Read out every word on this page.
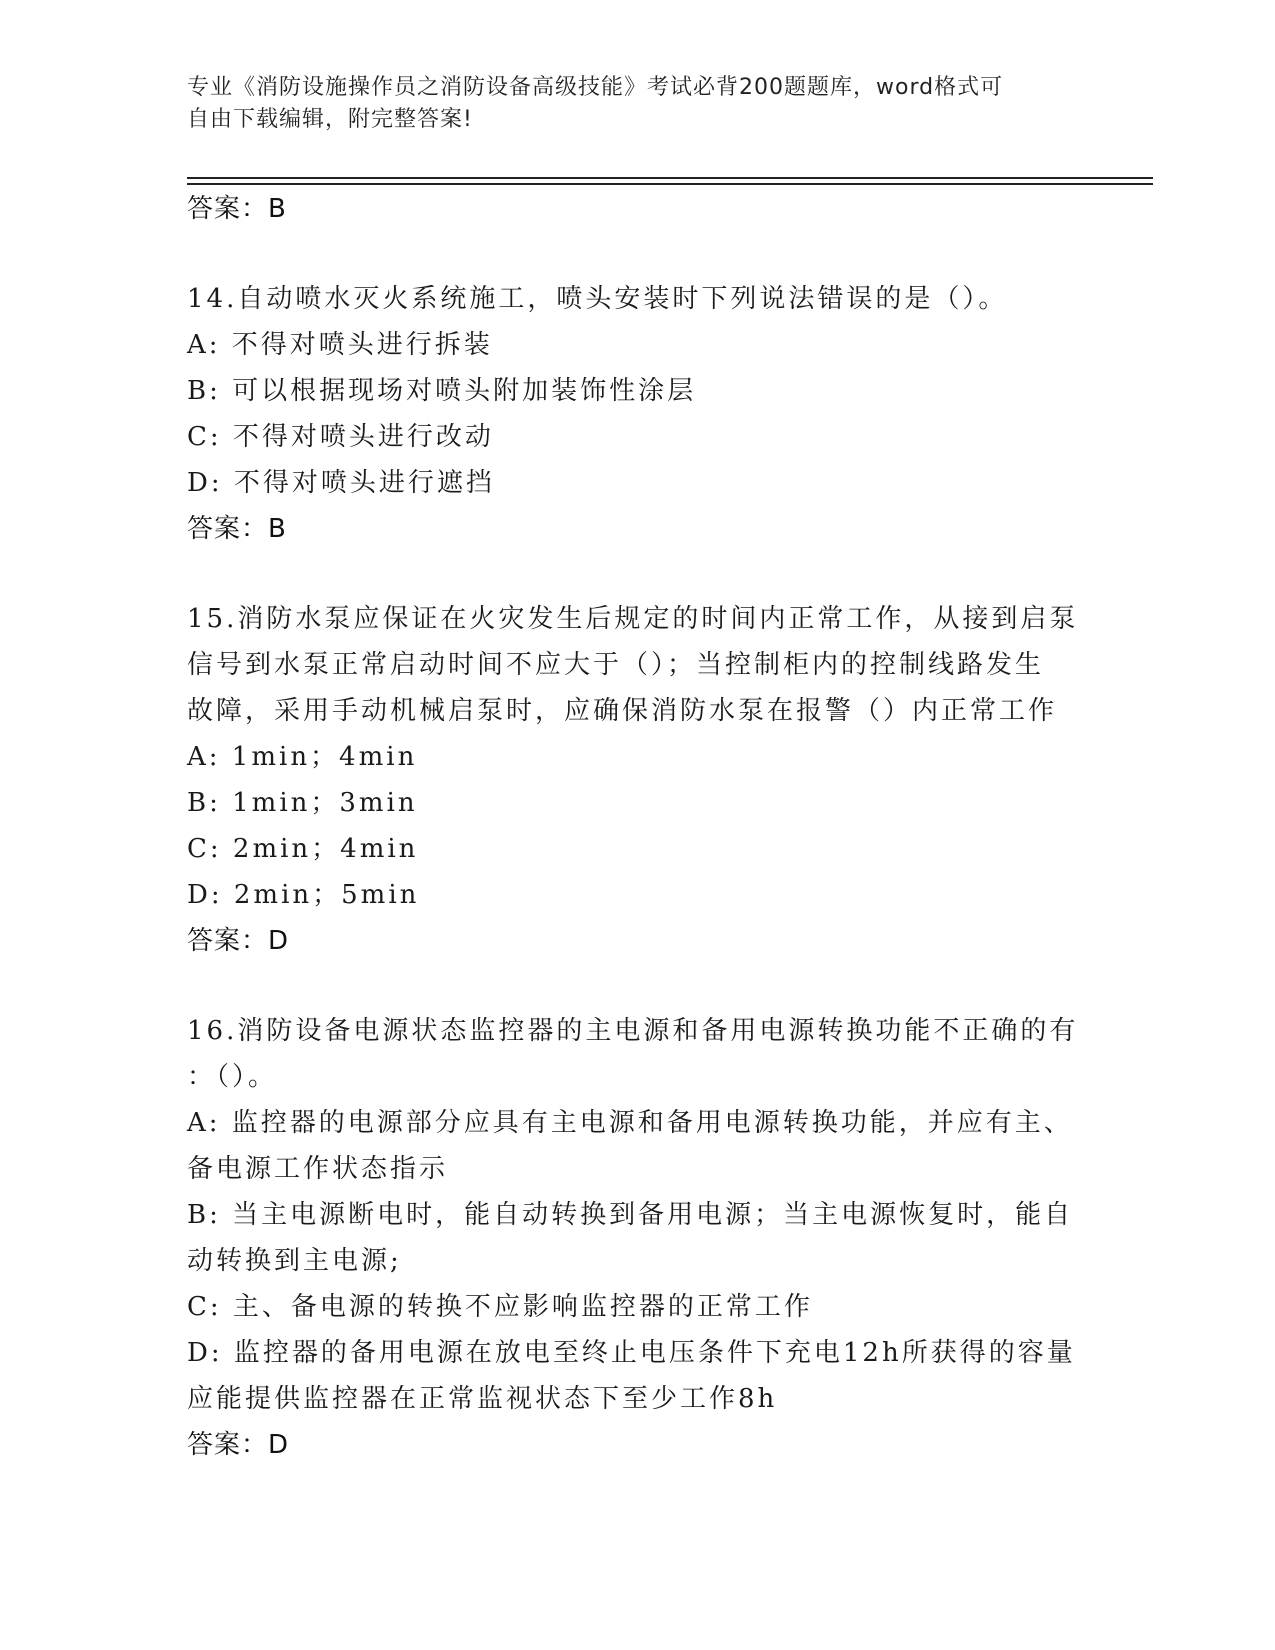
专业《消防设施操作员之消防设备高级技能》考试必背200题题库，word格式可
自由下载编辑，附完整答案!
答案：B
14.自动喷水灭火系统施工，喷头安装时下列说法错误的是（）。
A: 不得对喷头进行拆装
B: 可以根据现场对喷头附加装饰性涂层
C: 不得对喷头进行改动
D: 不得对喷头进行遮挡
答案：B
15.消防水泵应保证在火灾发生后规定的时间内正常工作，从接到启泵
信号到水泵正常启动时间不应大于（）；当控制柜内的控制线路发生
故障，采用手动机械启泵时，应确保消防水泵在报警（）内正常工作
A: 1min；4min
B: 1min；3min
C: 2min；4min
D: 2min；5min
答案：D
16.消防设备电源状态监控器的主电源和备用电源转换功能不正确的有
：（）。
A: 监控器的电源部分应具有主电源和备用电源转换功能，并应有主、
备电源工作状态指示
B: 当主电源断电时，能自动转换到备用电源；当主电源恢复时，能自
动转换到主电源;
C: 主、备电源的转换不应影响监控器的正常工作
D: 监控器的备用电源在放电至终止电压条件下充电12h所获得的容量
应能提供监控器在正常监视状态下至少工作8h
答案：D
